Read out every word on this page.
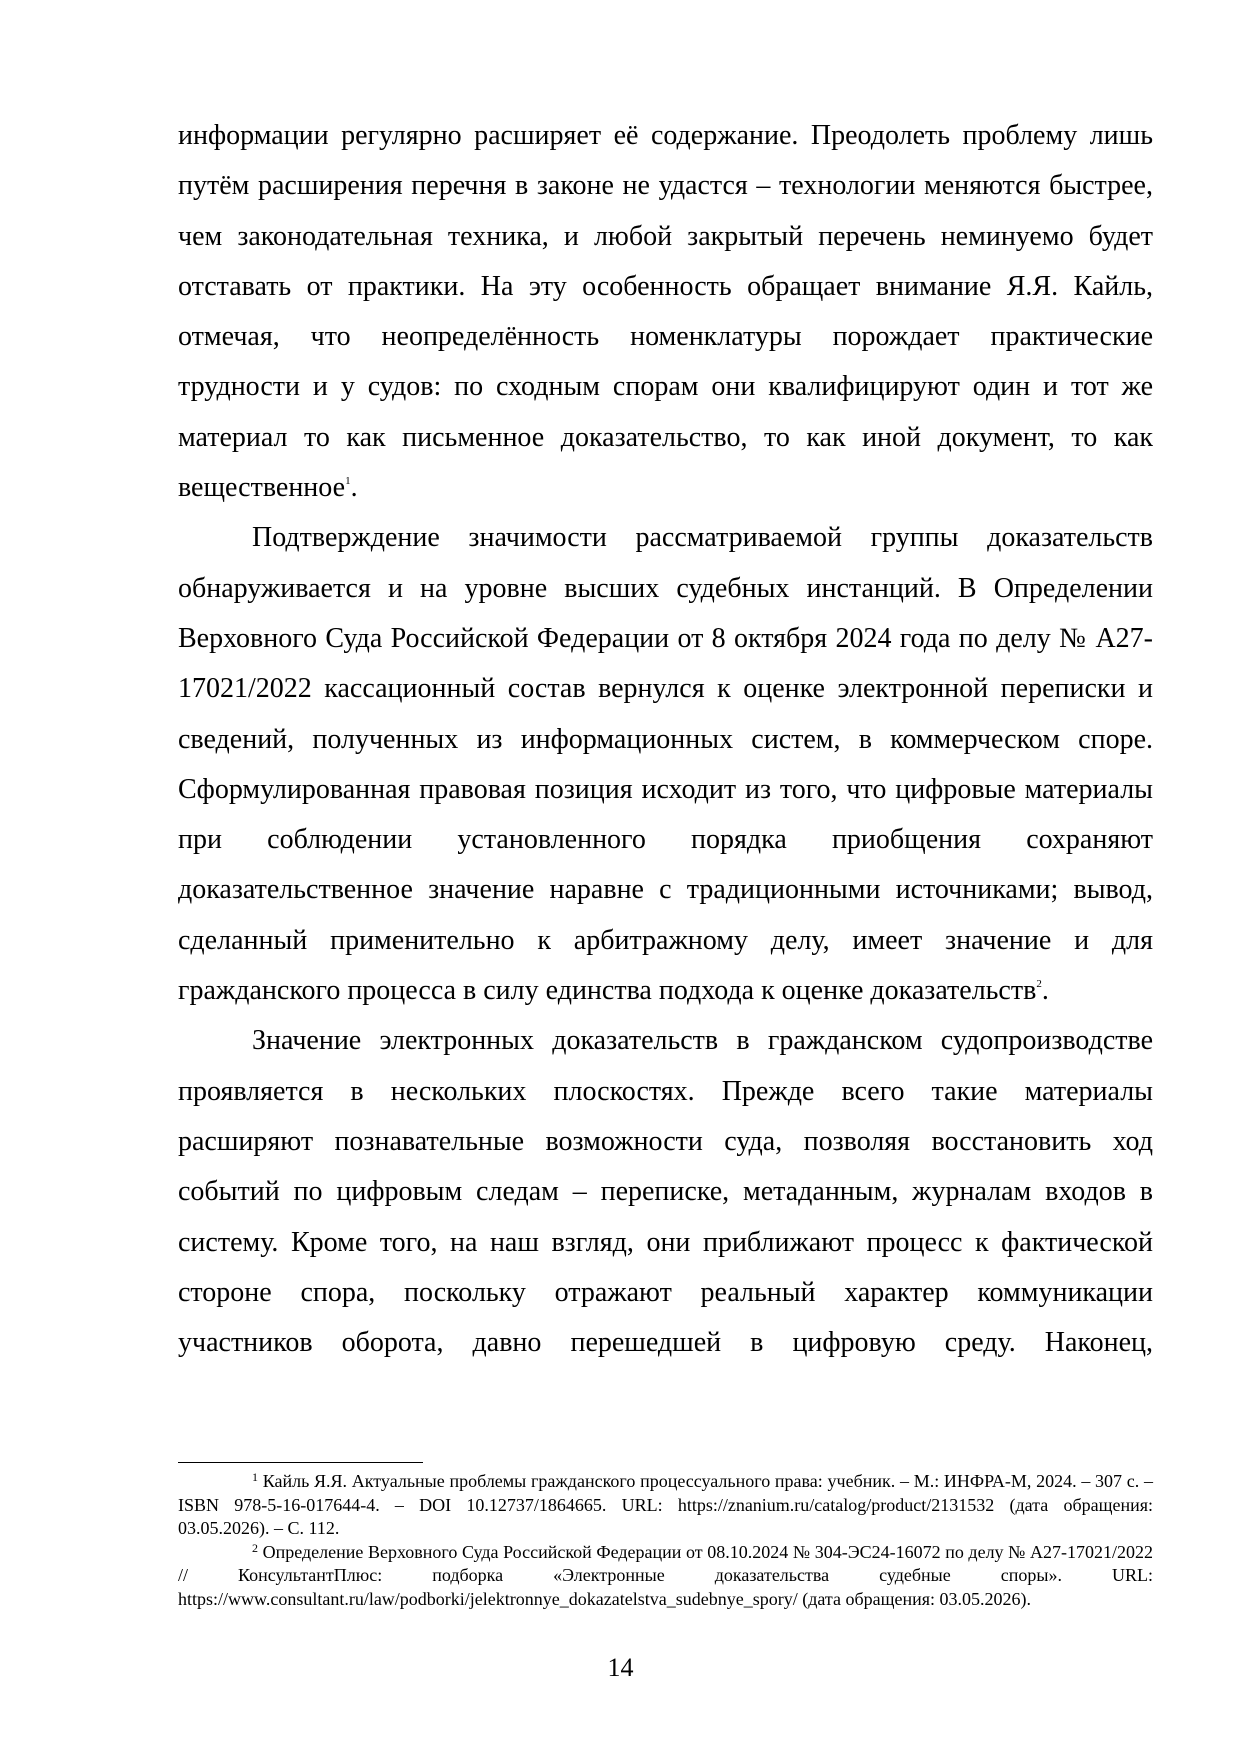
информации регулярно расширяет её содержание. Преодолеть проблему лишь путём расширения перечня в законе не удастся – технологии меняются быстрее, чем законодательная техника, и любой закрытый перечень неминуемо будет отставать от практики. На эту особенность обращает внимание Я.Я. Кайль, отмечая, что неопределённость номенклатуры порождает практические трудности и у судов: по сходным спорам они квалифицируют один и тот же материал то как письменное доказательство, то как иной документ, то как вещественное$^1$.

Подтверждение значимости рассматриваемой группы доказательств обнаруживается и на уровне высших судебных инстанций. В Определении Верховного Суда Российской Федерации от 8 октября 2024 года по делу № А27-17021/2022 кассационный состав вернулся к оценке электронной переписки и сведений, полученных из информационных систем, в коммерческом споре. Сформулированная правовая позиция исходит из того, что цифровые материалы при соблюдении установленного порядка приобщения сохраняют доказательственное значение наравне с традиционными источниками; вывод, сделанный применительно к арбитражному делу, имеет значение и для гражданского процесса в силу единства подхода к оценке доказательств$^2$.

Значение электронных доказательств в гражданском судопроизводстве проявляется в нескольких плоскостях. Прежде всего такие материалы расширяют познавательные возможности суда, позволяя восстановить ход событий по цифровым следам – переписке, метаданным, журналам входов в систему. Кроме того, на наш взгляд, они приближают процесс к фактической стороне спора, поскольку отражают реальный характер коммуникации участников оборота, давно перешедшей в цифровую среду. Наконец,

$^1$ Кайль Я.Я. Актуальные проблемы гражданского процессуального права: учебник. – М.: ИНФРА-М, 2024. – 307 с. – ISBN 978-5-16-017644-4. – DOI 10.12737/1864665. URL: https://znanium.ru/catalog/product/2131532 (дата обращения: 03.05.2026). – С. 112.

$^2$ Определение Верховного Суда Российской Федерации от 08.10.2024 № 304-ЭС24-16072 по делу № А27-17021/2022 // КонсультантПлюс: подборка «Электронные доказательства судебные споры». URL: https://www.consultant.ru/law/podborki/jelektronnye_dokazatelstva_sudebnye_spory/ (дата обращения: 03.05.2026).

14
